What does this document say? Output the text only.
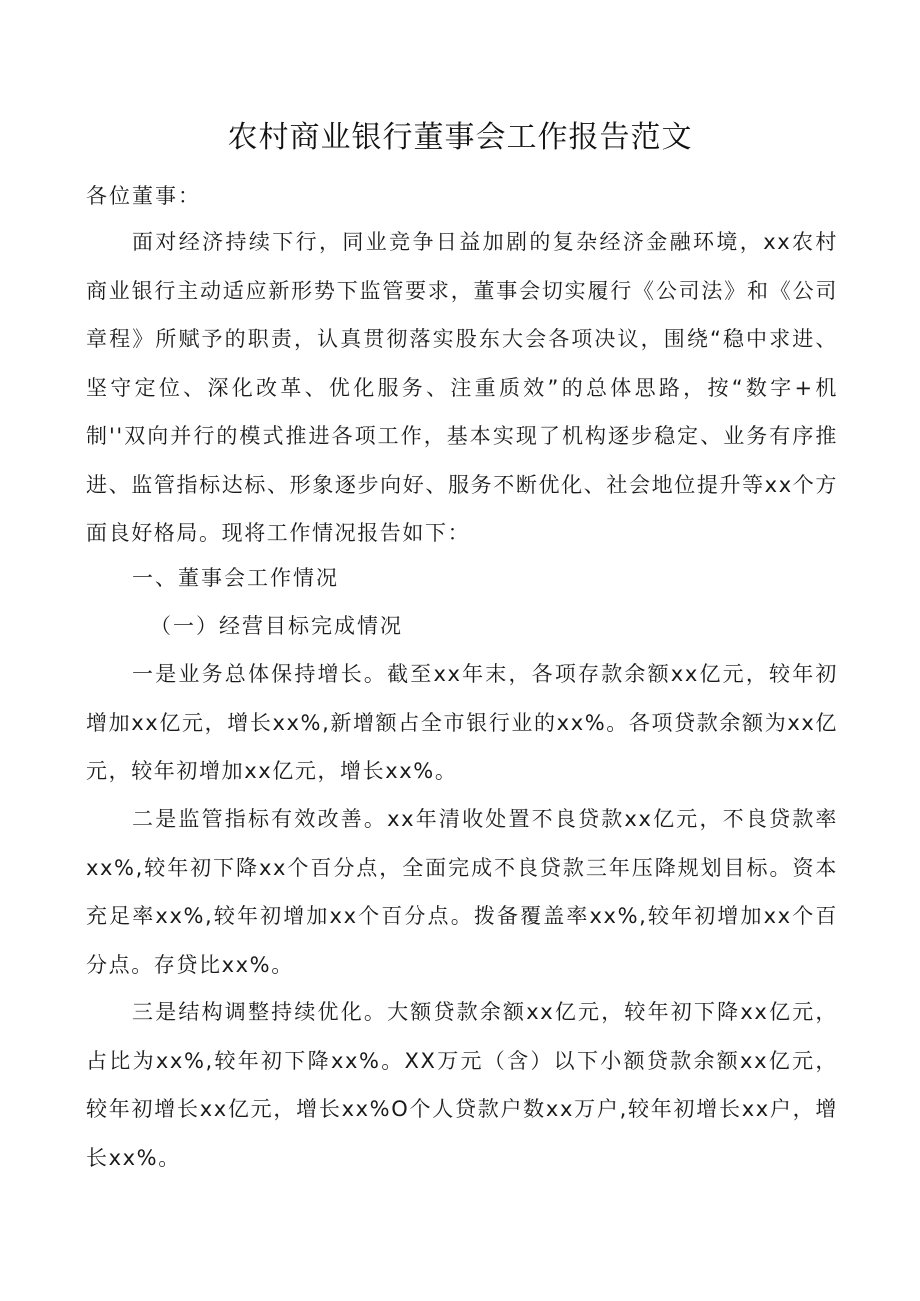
农村商业银行董事会工作报告范文

各位董事：

面对经济持续下行，同业竞争日益加剧的复杂经济金融环境，xx农村商业银行主动适应新形势下监管要求，董事会切实履行《公司法》和《公司章程》所赋予的职责，认真贯彻落实股东大会各项决议，围绕“稳中求进、坚守定位、深化改革、优化服务、注重质效”的总体思路，按“数字+机制''双向并行的模式推进各项工作，基本实现了机构逐步稳定、业务有序推进、监管指标达标、形象逐步向好、服务不断优化、社会地位提升等xx个方面良好格局。现将工作情况报告如下：

一、董事会工作情况
（一）经营目标完成情况

一是业务总体保持增长。截至xx年末，各项存款余额xx亿元，较年初增加xx亿元，增长xx%,新增额占全市银行业的xx%。各项贷款余额为xx亿元，较年初增加xx亿元，增长xx%。

二是监管指标有效改善。xx年清收处置不良贷款xx亿元，不良贷款率xx%,较年初下降xx个百分点，全面完成不良贷款三年压降规划目标。资本充足率xx%,较年初增加xx个百分点。拨备覆盖率xx%,较年初增加xx个百分点。存贷比xx%。

三是结构调整持续优化。大额贷款余额xx亿元，较年初下降xx亿元，占比为xx%,较年初下降xx%。XX万元（含）以下小额贷款余额xx亿元，较年初增长xx亿元，增长xx%O个人贷款户数xx万户,较年初增长xx户，增长xx%。
